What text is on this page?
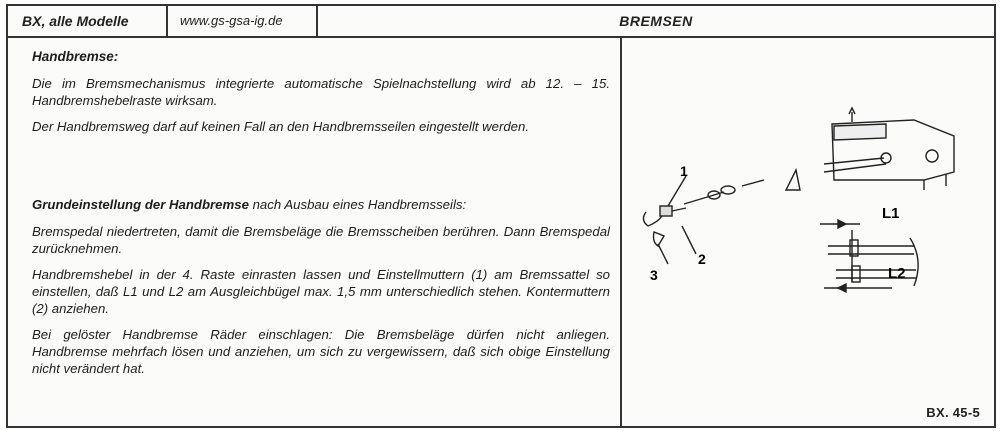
BX, alle Modelle	www.gs-gsa-ig.de	BREMSEN
Handbremse:

Die im Bremsmechanismus integrierte automatische Spielnachstellung wird ab 12. – 15. Handbremshebelraste wirksam.

Der Handbremsweg darf auf keinen Fall an den Handbremsseilen eingestellt werden.

Grundeinstellung der Handbremse nach Ausbau eines Handbremsseils:

Bremspedal niedertreten, damit die Bremsbeläge die Bremsscheiben berühren. Dann Bremspedal zurücknehmen.

Handbremshebel in der 4. Raste einrasten lassen und Einstellmuttern (1) am Bremssattel so einstellen, daß L1 und L2 am Ausgleichbügel max. 1,5 mm unterschiedlich stehen. Kontermuttern (2) anziehen.

Bei gelöster Handbremse Räder einschlagen: Die Bremsbeläge dürfen nicht anliegen. Handbremse mehrfach lösen und anziehen, um sich zu vergewissern, daß sich obige Einstellung nicht verändert hat.

1
2
3
L1
L2
BX. 45-5
